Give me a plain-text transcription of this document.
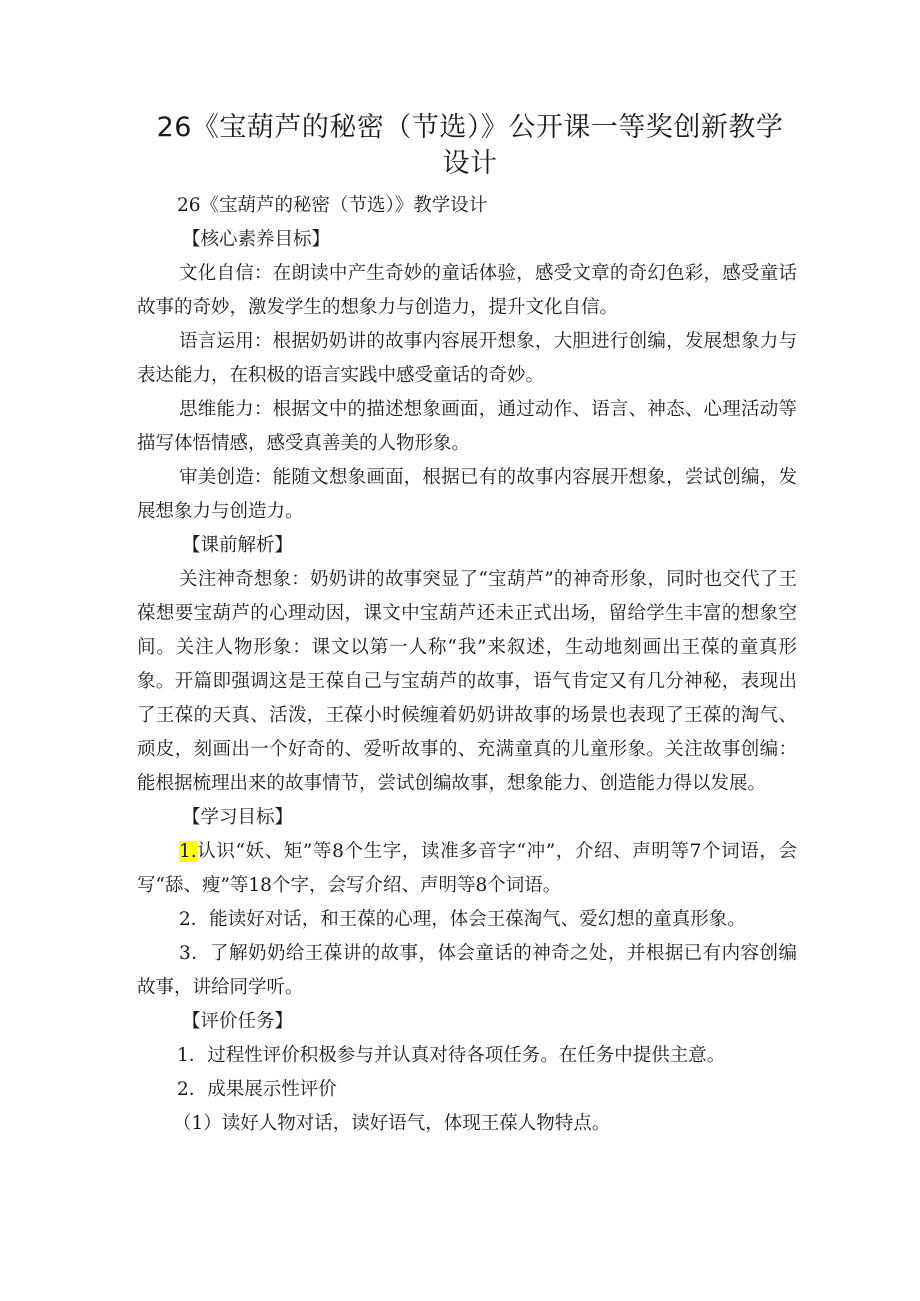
26《宝葫芦的秘密（节选）》公开课一等奖创新教学设计

26《宝葫芦的秘密（节选）》教学设计

【核心素养目标】

文化自信：在朗读中产生奇妙的童话体验，感受文章的奇幻色彩，感受童话故事的奇妙，激发学生的想象力与创造力，提升文化自信。

语言运用：根据奶奶讲的故事内容展开想象，大胆进行创编，发展想象力与表达能力，在积极的语言实践中感受童话的奇妙。

思维能力：根据文中的描述想象画面，通过动作、语言、神态、心理活动等描写体悟情感，感受真善美的人物形象。

审美创造：能随文想象画面，根据已有的故事内容展开想象，尝试创编，发展想象力与创造力。

【课前解析】

关注神奇想象：奶奶讲的故事突显了“宝葫芦”的神奇形象，同时也交代了王葆想要宝葫芦的心理动因，课文中宝葫芦还未正式出场，留给学生丰富的想象空间。关注人物形象：课文以第一人称“我”来叙述，生动地刻画出王葆的童真形象。开篇即强调这是王葆自己与宝葫芦的故事，语气肯定又有几分神秘，表现出了王葆的天真、活泼，王葆小时候缠着奶奶讲故事的场景也表现了王葆的淘气、顽皮，刻画出一个好奇的、爱听故事的、充满童真的儿童形象。关注故事创编：能根据梳理出来的故事情节，尝试创编故事，想象能力、创造能力得以发展。

【学习目标】

1.认识“妖、矩”等8个生字，读准多音字“冲”，介绍、声明等7个词语，会写“舔、瘦”等18个字，会写介绍、声明等8个词语。

2．能读好对话，和王葆的心理，体会王葆淘气、爱幻想的童真形象。

3．了解奶奶给王葆讲的故事，体会童话的神奇之处，并根据已有内容创编故事，讲给同学听。

【评价任务】

1．过程性评价积极参与并认真对待各项任务。在任务中提供主意。

2．成果展示性评价

（1）读好人物对话，读好语气，体现王葆人物特点。
